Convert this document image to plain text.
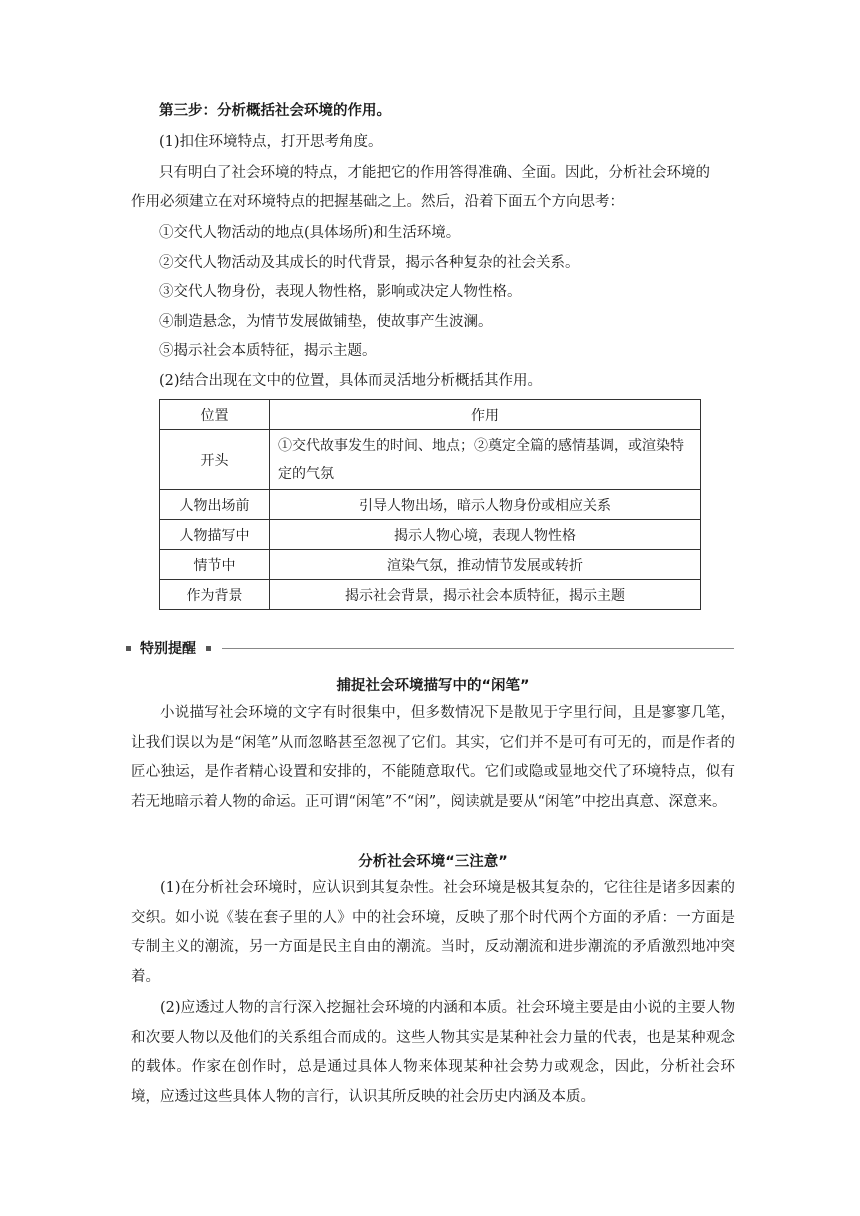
第三步：分析概括社会环境的作用。
(1)扣住环境特点，打开思考角度。
只有明白了社会环境的特点，才能把它的作用答得准确、全面。因此，分析社会环境的
作用必须建立在对环境特点的把握基础之上。然后，沿着下面五个方向思考：
①交代人物活动的地点(具体场所)和生活环境。
②交代人物活动及其成长的时代背景，揭示各种复杂的社会关系。
③交代人物身份，表现人物性格，影响或决定人物性格。
④制造悬念，为情节发展做铺垫，使故事产生波澜。
⑤揭示社会本质特征，揭示主题。
(2)结合出现在文中的位置，具体而灵活地分析概括其作用。
位置	作用
开头	①交代故事发生的时间、地点；②奠定全篇的感情基调，或渲染特定的气氛
人物出场前	引导人物出场，暗示人物身份或相应关系
人物描写中	揭示人物心境，表现人物性格
情节中	渲染气氛，推动情节发展或转折
作为背景	揭示社会背景，揭示社会本质特征，揭示主题
特别提醒
捕捉社会环境描写中的“闲笔”
小说描写社会环境的文字有时很集中，但多数情况下是散见于字里行间，且是寥寥几笔，让我们误以为是“闲笔”从而忽略甚至忽视了它们。其实，它们并不是可有可无的，而是作者的匠心独运，是作者精心设置和安排的，不能随意取代。它们或隐或显地交代了环境特点，似有若无地暗示着人物的命运。正可谓“闲笔”不“闲”，阅读就是要从“闲笔”中挖出真意、深意来。
分析社会环境“三注意”
(1)在分析社会环境时，应认识到其复杂性。社会环境是极其复杂的，它往往是诸多因素的交织。如小说《装在套子里的人》中的社会环境，反映了那个时代两个方面的矛盾：一方面是专制主义的潮流，另一方面是民主自由的潮流。当时，反动潮流和进步潮流的矛盾激烈地冲突着。
(2)应透过人物的言行深入挖掘社会环境的内涵和本质。社会环境主要是由小说的主要人物和次要人物以及他们的关系组合而成的。这些人物其实是某种社会力量的代表，也是某种观念的载体。作家在创作时，总是通过具体人物来体现某种社会势力或观念，因此，分析社会环境，应透过这些具体人物的言行，认识其所反映的社会历史内涵及本质。
